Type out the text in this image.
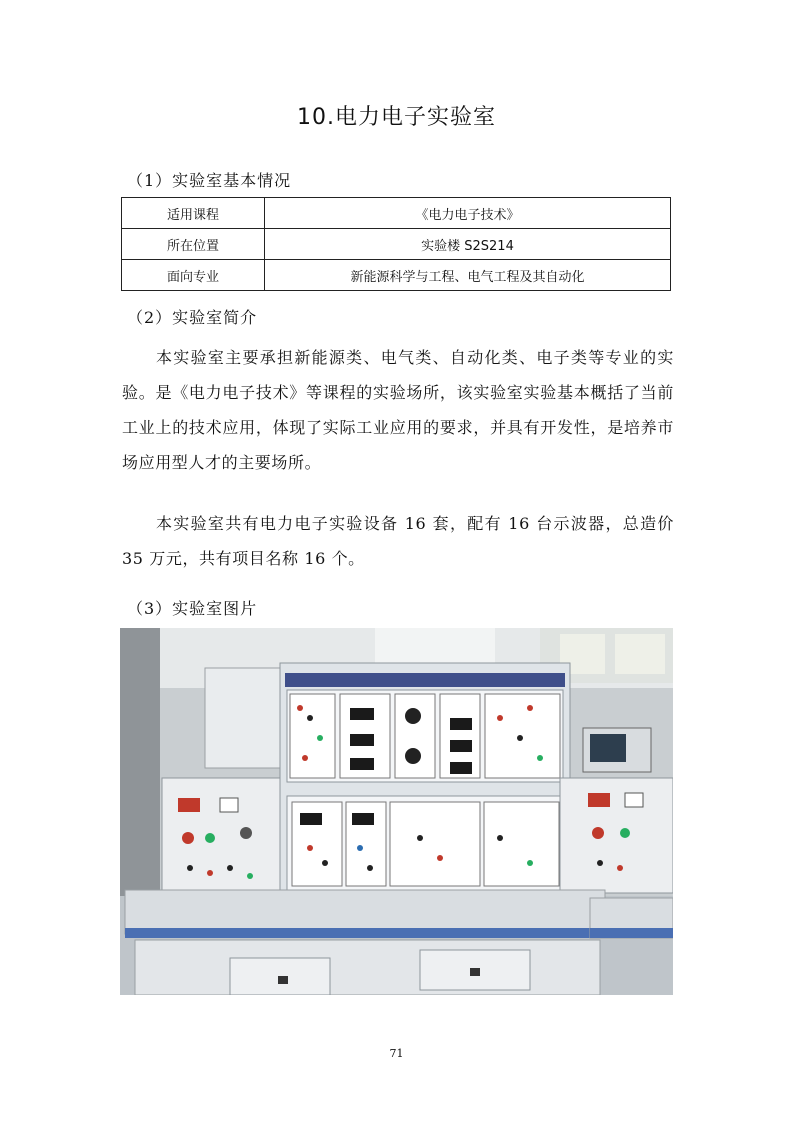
10.电力电子实验室
（1）实验室基本情况
适用课程	《电力电子技术》
所在位置	实验楼 S2S214
面向专业	新能源科学与工程、电气工程及其自动化
（2）实验室简介

本实验室主要承担新能源类、电气类、自动化类、电子类等专业的实验。是《电力电子技术》等课程的实验场所，该实验室实验基本概括了当前工业上的技术应用，体现了实际工业应用的要求，并具有开发性，是培养市场应用型人才的主要场所。

本实验室共有电力电子实验设备 16 套，配有 16 台示波器，总造价 35 万元，共有项目名称 16 个。

（3）实验室图片
71
